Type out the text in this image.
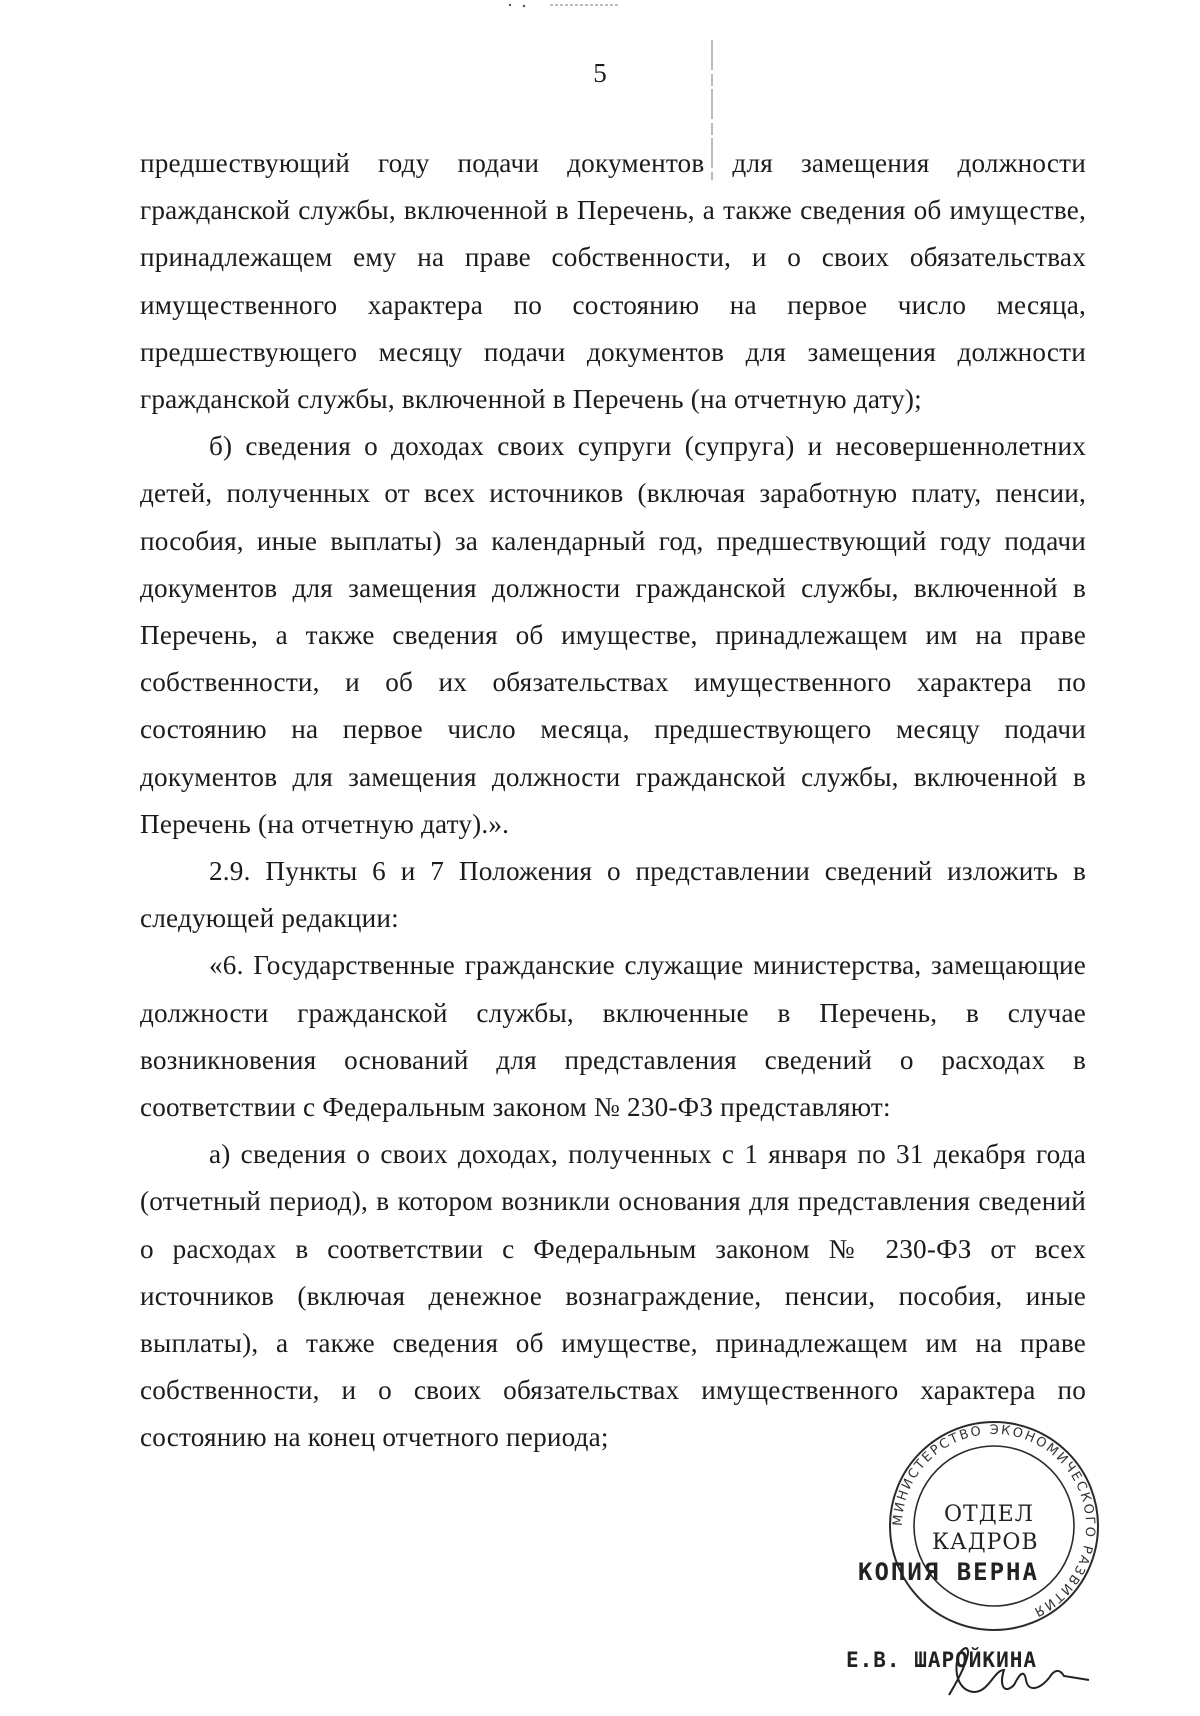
5

предшествующий году подачи документов для замещения должности гражданской службы, включенной в Перечень, а также сведения об имуществе, принадлежащем ему на праве собственности, и о своих обязательствах имущественного характера по состоянию на первое число месяца, предшествующего месяцу подачи документов для замещения должности гражданской службы, включенной в Перечень (на отчетную дату);

б) сведения о доходах своих супруги (супруга) и несовершеннолетних детей, полученных от всех источников (включая заработную плату, пенсии, пособия, иные выплаты) за календарный год, предшествующий году подачи документов для замещения должности гражданской службы, включенной в Перечень, а также сведения об имуществе, принадлежащем им на праве собственности, и об их обязательствах имущественного характера по состоянию на первое число месяца, предшествующего месяцу подачи документов для замещения должности гражданской службы, включенной в Перечень (на отчетную дату).».

2.9. Пункты 6 и 7 Положения о представлении сведений изложить в следующей редакции:

«6. Государственные гражданские служащие министерства, замещающие должности гражданской службы, включенные в Перечень, в случае возникновения оснований для представления сведений о расходах в соответствии с Федеральным законом № 230-ФЗ представляют:

а) сведения о своих доходах, полученных с 1 января по 31 декабря года (отчетный период), в котором возникли основания для представления сведений о расходах в соответствии с Федеральным законом № 230-ФЗ от всех источников (включая денежное вознаграждение, пенсии, пособия, иные выплаты), а также сведения об имуществе, принадлежащем им на праве собственности, и о своих обязательствах имущественного характера по состоянию на конец отчетного периода;

МИНИСТЕРСТВО ЭКОНОМИЧЕСКОГО РАЗВИТИЯ
ОТДЕЛ
КАДРОВ
КОПИЯ ВЕРНА
Е.В. ШАРОЙКИНА
